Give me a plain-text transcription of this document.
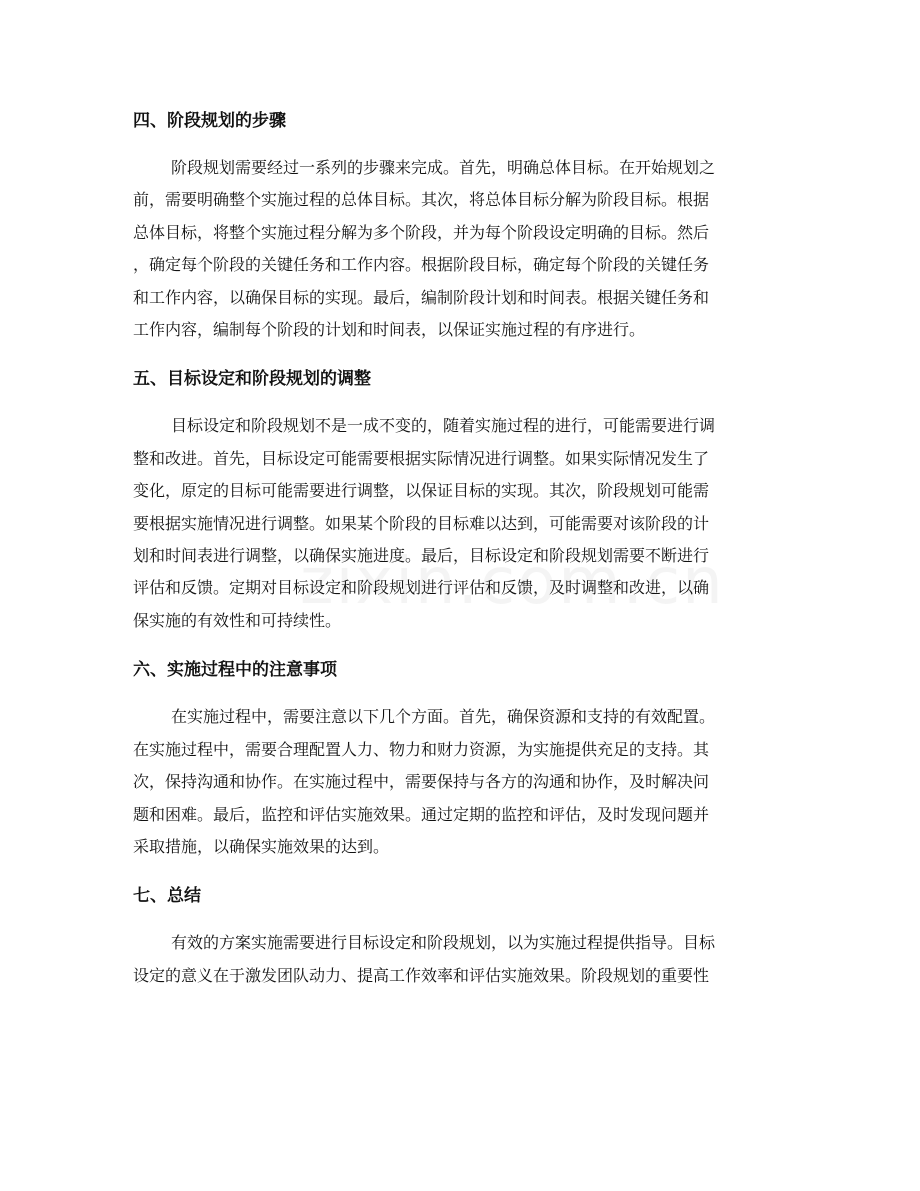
四、阶段规划的步骤
阶段规划需要经过一系列的步骤来完成。首先，明确总体目标。在开始规划之
前，需要明确整个实施过程的总体目标。其次，将总体目标分解为阶段目标。根据
总体目标，将整个实施过程分解为多个阶段，并为每个阶段设定明确的目标。然后
，确定每个阶段的关键任务和工作内容。根据阶段目标，确定每个阶段的关键任务
和工作内容，以确保目标的实现。最后，编制阶段计划和时间表。根据关键任务和
工作内容，编制每个阶段的计划和时间表，以保证实施过程的有序进行。
五、目标设定和阶段规划的调整
目标设定和阶段规划不是一成不变的，随着实施过程的进行，可能需要进行调
整和改进。首先，目标设定可能需要根据实际情况进行调整。如果实际情况发生了
变化，原定的目标可能需要进行调整，以保证目标的实现。其次，阶段规划可能需
要根据实施情况进行调整。如果某个阶段的目标难以达到，可能需要对该阶段的计
划和时间表进行调整，以确保实施进度。最后，目标设定和阶段规划需要不断进行
评估和反馈。定期对目标设定和阶段规划进行评估和反馈，及时调整和改进，以确
保实施的有效性和可持续性。
六、实施过程中的注意事项
在实施过程中，需要注意以下几个方面。首先，确保资源和支持的有效配置。
在实施过程中，需要合理配置人力、物力和财力资源，为实施提供充足的支持。其
次，保持沟通和协作。在实施过程中，需要保持与各方的沟通和协作，及时解决问
题和困难。最后，监控和评估实施效果。通过定期的监控和评估，及时发现问题并
采取措施，以确保实施效果的达到。
七、总结
有效的方案实施需要进行目标设定和阶段规划，以为实施过程提供指导。目标
设定的意义在于激发团队动力、提高工作效率和评估实施效果。阶段规划的重要性
